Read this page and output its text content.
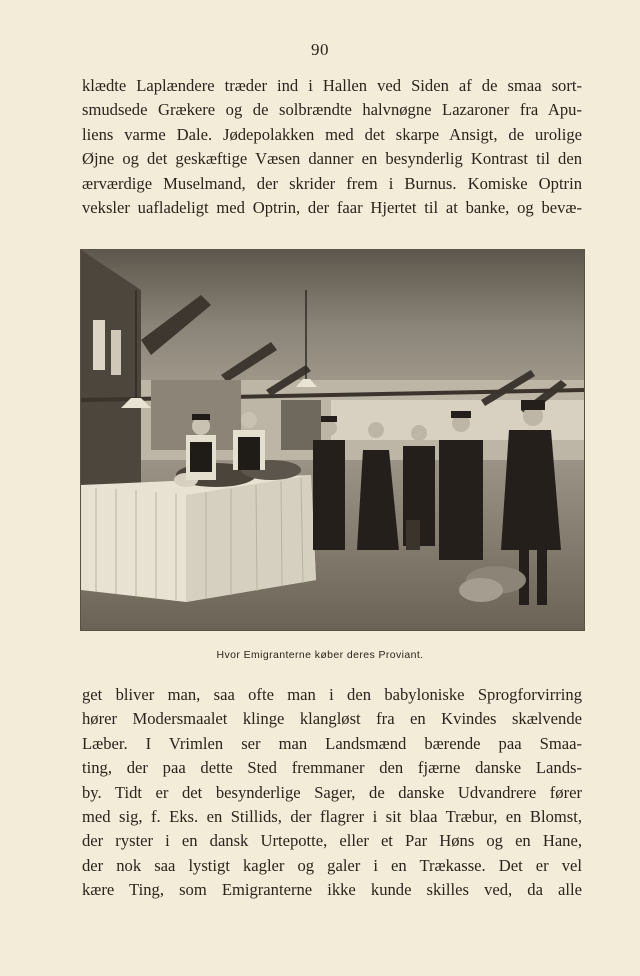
90
klædte Laplændere træder ind i Hallen ved Siden af de smaa sort-
smudsede Grækere og de solbrændte halvnøgne Lazaroner fra Apu-
liens varme Dale. Jødepolakken med det skarpe Ansigt, de urolige
Øjne og det geskæftige Væsen danner en besynderlig Kontrast til den
ærværdige Muselmand, der skrider frem i Burnus. Komiske Optrin
veksler uafladeligt med Optrin, der faar Hjertet til at banke, og bevæ-
Hvor Emigranterne køber deres Proviant.
get bliver man, saa ofte man i den babyloniske Sprogforvirring
hører Modersmaalet klinge klangløst fra en Kvindes skælvende
Læber. I Vrimlen ser man Landsmænd bærende paa Smaa-
ting, der paa dette Sted fremmaner den fjærne danske Lands-
by. Tidt er det besynderlige Sager, de danske Udvandrere fører
med sig, f. Eks. en Stillids, der flagrer i sit blaa Træbur, en Blomst,
der ryster i en dansk Urtepotte, eller et Par Høns og en Hane,
der nok saa lystigt kagler og galer i en Trækasse. Det er vel
kære Ting, som Emigranterne ikke kunde skilles ved, da alle
